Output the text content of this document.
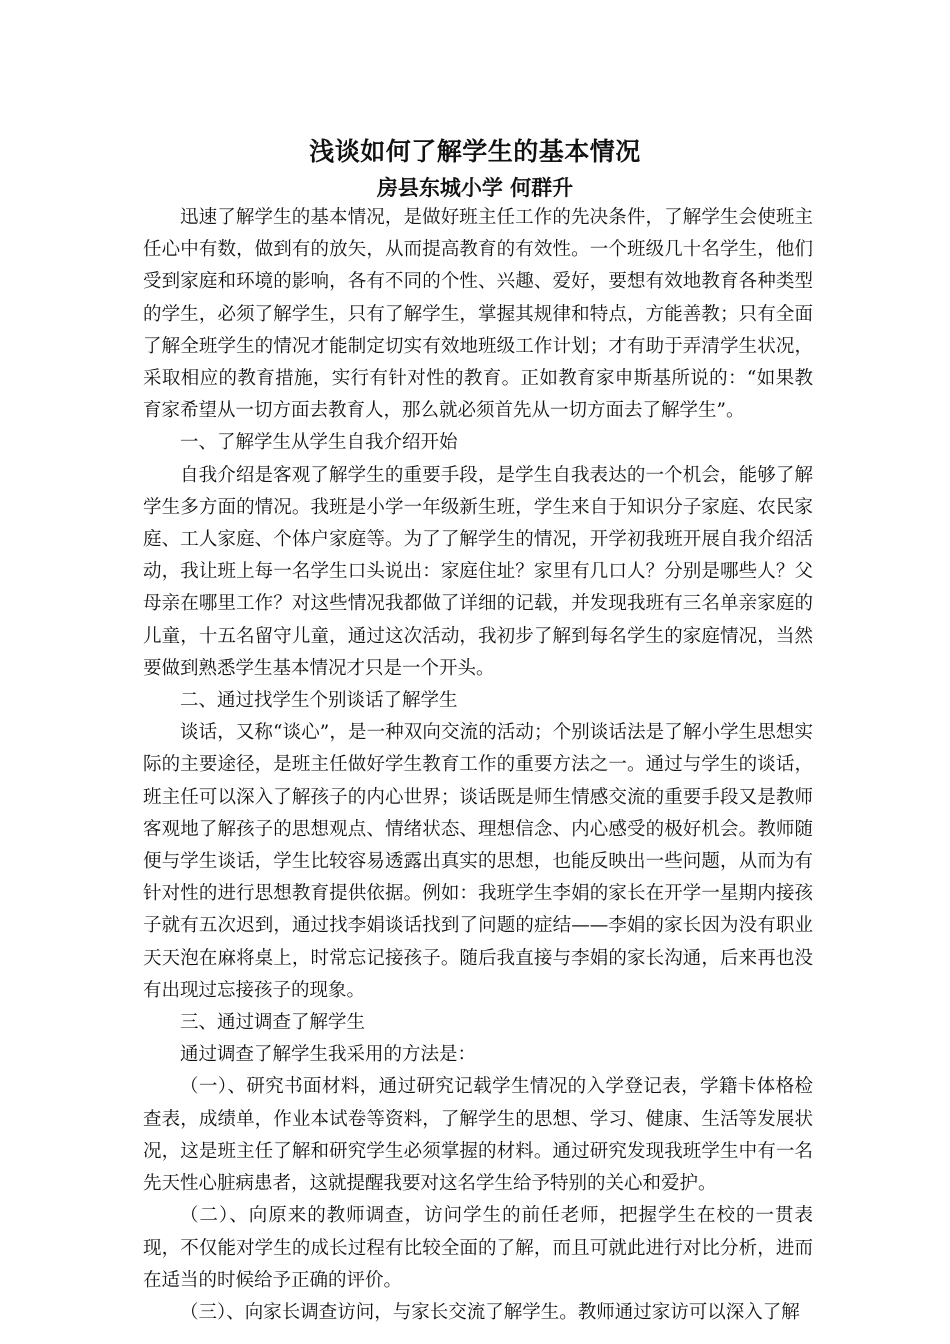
浅谈如何了解学生的基本情况
房县东城小学 何群升

迅速了解学生的基本情况，是做好班主任工作的先决条件，了解学生会使班主任心中有数，做到有的放矢，从而提高教育的有效性。一个班级几十名学生，他们受到家庭和环境的影响，各有不同的个性、兴趣、爱好，要想有效地教育各种类型的学生，必须了解学生，只有了解学生，掌握其规律和特点，方能善教；只有全面了解全班学生的情况才能制定切实有效地班级工作计划；才有助于弄清学生状况，采取相应的教育措施，实行有针对性的教育。正如教育家申斯基所说的：“如果教育家希望从一切方面去教育人，那么就必须首先从一切方面去了解学生”。

一、了解学生从学生自我介绍开始

自我介绍是客观了解学生的重要手段，是学生自我表达的一个机会，能够了解学生多方面的情况。我班是小学一年级新生班，学生来自于知识分子家庭、农民家庭、工人家庭、个体户家庭等。为了了解学生的情况，开学初我班开展自我介绍活动，我让班上每一名学生口头说出：家庭住址？家里有几口人？分别是哪些人？父母亲在哪里工作？对这些情况我都做了详细的记载，并发现我班有三名单亲家庭的儿童，十五名留守儿童，通过这次活动，我初步了解到每名学生的家庭情况，当然要做到熟悉学生基本情况才只是一个开头。

二、通过找学生个别谈话了解学生

谈话，又称“谈心”，是一种双向交流的活动；个别谈话法是了解小学生思想实际的主要途径，是班主任做好学生教育工作的重要方法之一。通过与学生的谈话，班主任可以深入了解孩子的内心世界；谈话既是师生情感交流的重要手段又是教师客观地了解孩子的思想观点、情绪状态、理想信念、内心感受的极好机会。教师随便与学生谈话，学生比较容易透露出真实的思想，也能反映出一些问题，从而为有针对性的进行思想教育提供依据。例如：我班学生李娟的家长在开学一星期内接孩子就有五次迟到，通过找李娟谈话找到了问题的症结——李娟的家长因为没有职业天天泡在麻将桌上，时常忘记接孩子。随后我直接与李娟的家长沟通，后来再也没有出现过忘接孩子的现象。

三、通过调查了解学生

通过调查了解学生我采用的方法是：

（一）、研究书面材料，通过研究记载学生情况的入学登记表，学籍卡体格检查表，成绩单，作业本试卷等资料，了解学生的思想、学习、健康、生活等发展状况，这是班主任了解和研究学生必须掌握的材料。通过研究发现我班学生中有一名先天性心脏病患者，这就提醒我要对这名学生给予特别的关心和爱护。

（二）、向原来的教师调查，访问学生的前任老师，把握学生在校的一贯表现，不仅能对学生的成长过程有比较全面的了解，而且可就此进行对比分析，进而在适当的时候给予正确的评价。

（三）、向家长调查访问，与家长交流了解学生。教师通过家访可以深入了解
